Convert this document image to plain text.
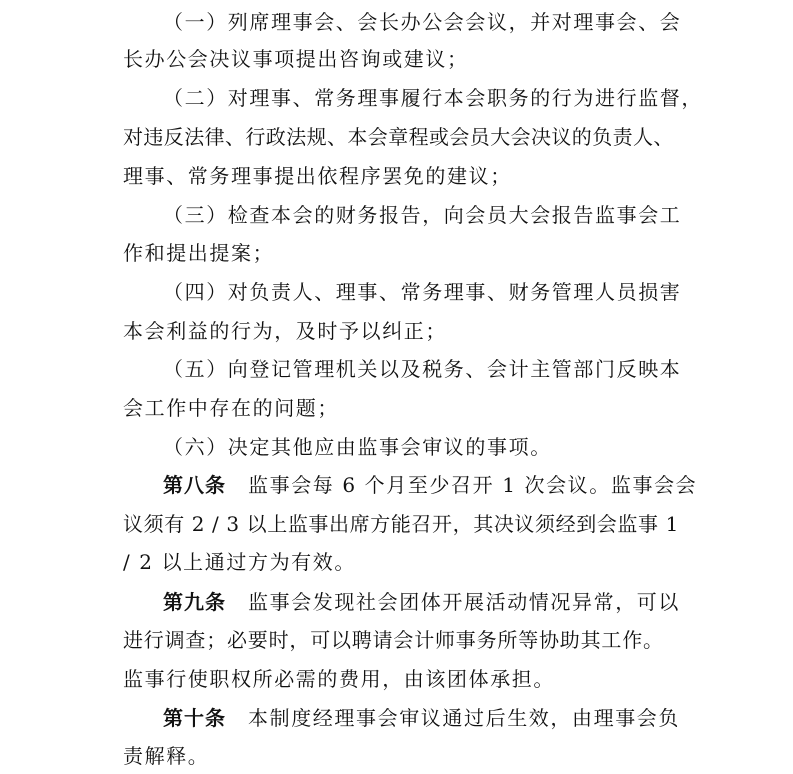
（一）列席理事会、会长办公会会议，并对理事会、会
长办公会决议事项提出咨询或建议；
（二）对理事、常务理事履行本会职务的行为进行监督，
对违反法律、行政法规、本会章程或会员大会决议的负责人、
理事、常务理事提出依程序罢免的建议；
（三）检查本会的财务报告，向会员大会报告监事会工
作和提出提案；
（四）对负责人、理事、常务理事、财务管理人员损害
本会利益的行为，及时予以纠正；
（五）向登记管理机关以及税务、会计主管部门反映本
会工作中存在的问题；
（六）决定其他应由监事会审议的事项。
第八条 监事会每 6 个月至少召开 1 次会议。监事会会
议须有 2 / 3 以上监事出席方能召开，其决议须经到会监事 1
/ 2 以上通过方为有效。
第九条 监事会发现社会团体开展活动情况异常，可以
进行调查；必要时，可以聘请会计师事务所等协助其工作。
监事行使职权所必需的费用，由该团体承担。
第十条 本制度经理事会审议通过后生效，由理事会负
责解释。
